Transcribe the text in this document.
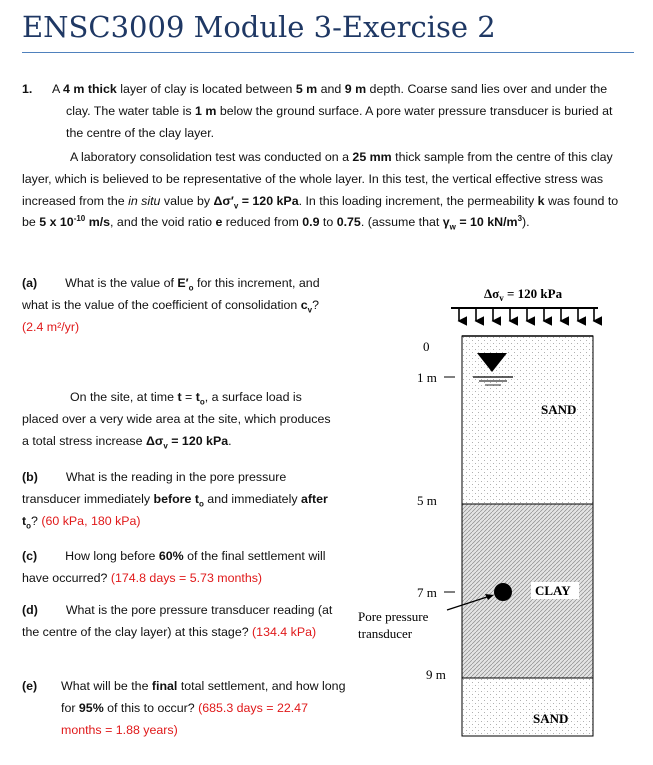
ENSC3009 Module 3-Exercise 2
1. A 4 m thick layer of clay is located between 5 m and 9 m depth. Coarse sand lies over and under the clay. The water table is 1 m below the ground surface. A pore water pressure transducer is buried at the centre of the clay layer.
A laboratory consolidation test was conducted on a 25 mm thick sample from the centre of this clay layer, which is believed to be representative of the whole layer. In this test, the vertical effective stress was increased from the in situ value by $\Delta\sigma'_v = 120$ kPa. In this loading increment, the permeability k was found to be 5 x $10^{-10}$ m/s, and the void ratio e reduced from 0.9 to 0.75. (assume that $\gamma_w = 10$ $kN/m^3$).
(a) What is the value of $E'_o$ for this increment, and what is the value of the coefficient of consolidation $c_v$? (2.4 m²/yr)
On the site, at time $t = t_o$, a surface load is placed over a very wide area at the site, which produces a total stress increase $\Delta\sigma_v = 120$ kPa.
(b) What is the reading in the pore pressure transducer immediately before $t_o$ and immediately after $t_o$? (60 kPa, 180 kPa)
(c) How long before 60% of the final settlement will have occurred? (174.8 days = 5.73 months)
(d) What is the pore pressure transducer reading (at the centre of the clay layer) at this stage? (134.4 kPa)
(e) What will be the final total settlement, and how long for 95% of this to occur? (685.3 days = 22.47 months = 1.88 years)
$\Delta\sigma_v = 120$ kPa
0
1 m
5 m
7 m
9 m
SAND
CLAY
SAND
Pore pressure
transducer
